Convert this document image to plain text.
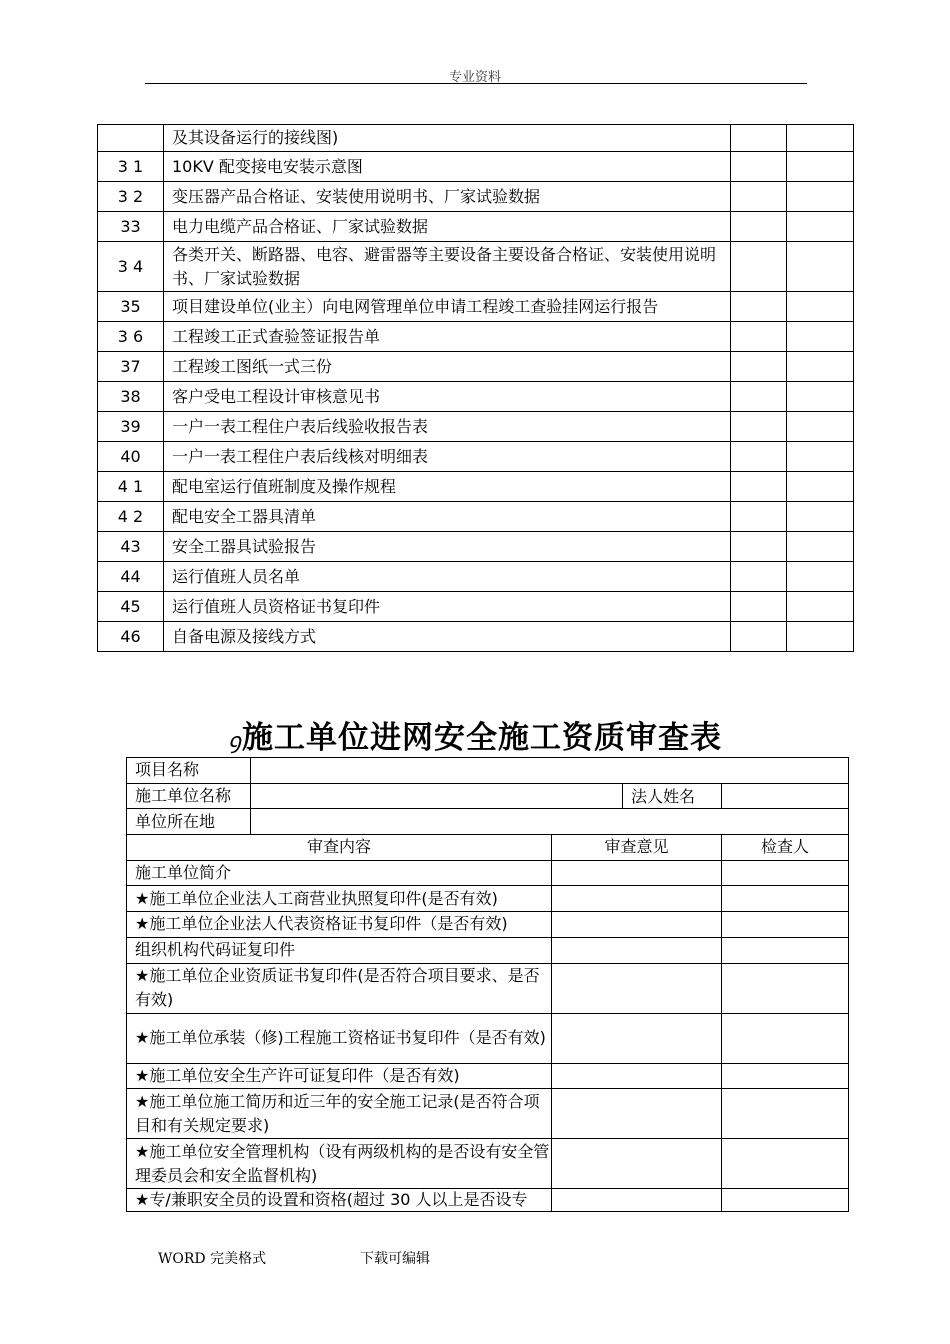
专业资料
	及其设备运行的接线图)		
3 1	10KV 配变接电安装示意图		
3 2	变压器产品合格证、安装使用说明书、厂家试验数据		
33	电力电缆产品合格证、厂家试验数据		
3 4	各类开关、断路器、电容、避雷器等主要设备主要设备合格证、安装使用说明书、厂家试验数据		
35	项目建设单位(业主）向电网管理单位申请工程竣工查验挂网运行报告		
3 6	工程竣工正式查验签证报告单		
37	工程竣工图纸一式三份		
38	客户受电工程设计审核意见书		
39	一户一表工程住户表后线验收报告表		
40	一户一表工程住户表后线核对明细表		
4 1	配电室运行值班制度及操作规程		
4 2	配电安全工器具清单		
43	安全工器具试验报告		
44	运行值班人员名单		
45	运行值班人员资格证书复印件		
46	自备电源及接线方式		
ꝯ施工单位进网安全施工资质审查表
项目名称			
施工单位名称	法人姓名		

单位所在地			
审查内容		审查意见	检查人
施工单位简介			
★施工单位企业法人工商营业执照复印件(是否有效)			
★施工单位企业法人代表资格证书复印件（是否有效)			
组织机构代码证复印件			
★施工单位企业资质证书复印件(是否符合项目要求、是否有效)			
★施工单位承装（修)工程施工资格证书复印件（是否有效)			
★施工单位安全生产许可证复印件（是否有效)			
★施工单位施工简历和近三年的安全施工记录(是否符合项目和有关规定要求)			
★施工单位安全管理机构（设有两级机构的是否设有安全管理委员会和安全监督机构)			
★专/兼职安全员的设置和资格(超过 30 人以上是否设专			
WORD 完美格式	下载可编辑
